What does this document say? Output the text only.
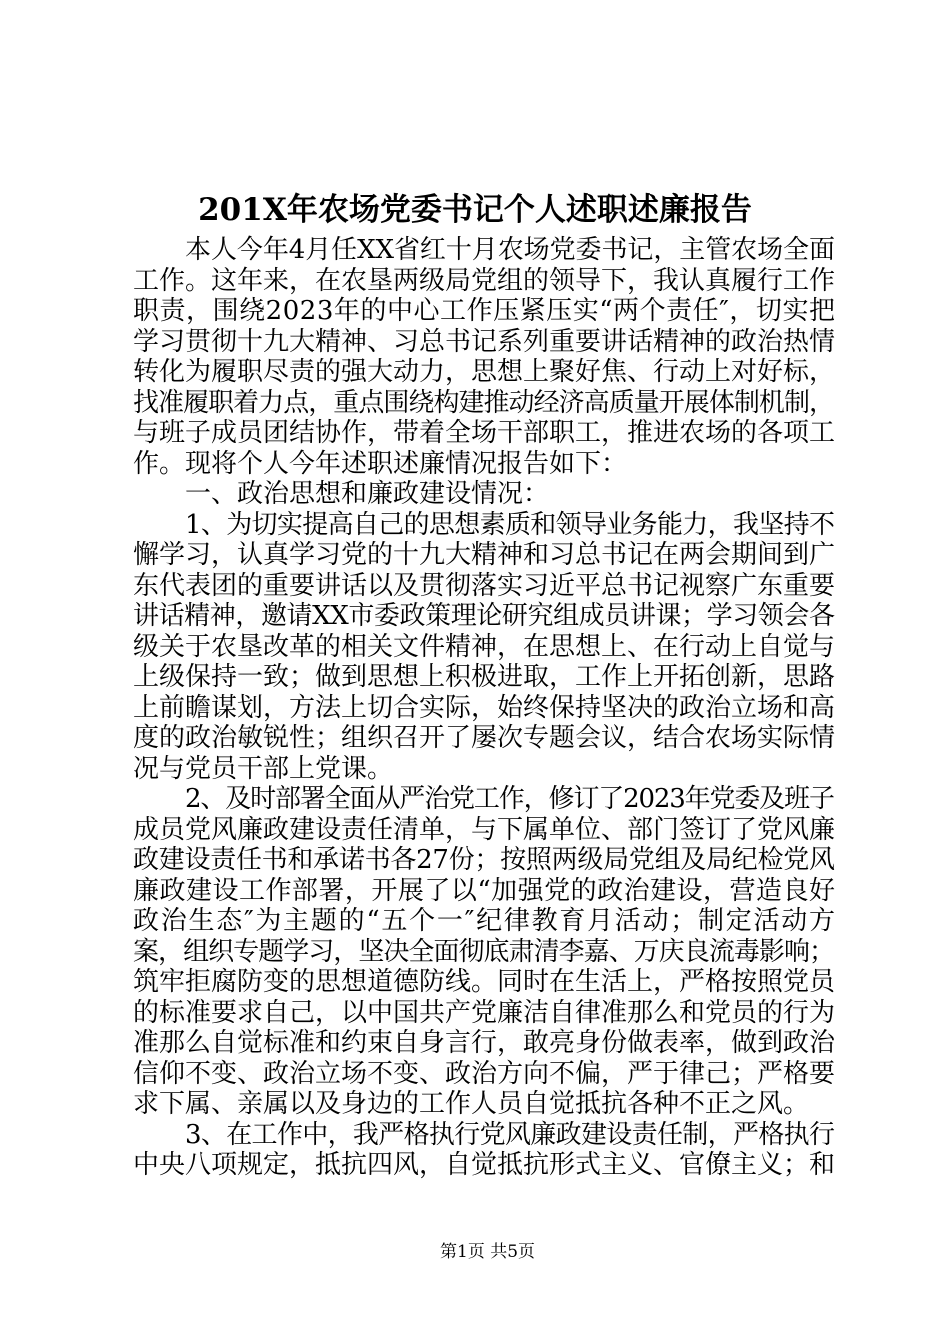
201X年农场党委书记个人述职述廉报告
本人今年4月任XX省红十月农场党委书记，主管农场全面
工作。这年来，在农垦两级局党组的领导下，我认真履行工作
职责，围绕2023年的中心工作压紧压实“两个责任″，切实把
学习贯彻十九大精神、习总书记系列重要讲话精神的政治热情
转化为履职尽责的强大动力，思想上聚好焦、行动上对好标，
找准履职着力点，重点围绕构建推动经济高质量开展体制机制，
与班子成员团结协作，带着全场干部职工，推进农场的各项工
作。现将个人今年述职述廉情况报告如下：
一、政治思想和廉政建设情况：
1、为切实提高自己的思想素质和领导业务能力，我坚持不
懈学习，认真学习党的十九大精神和习总书记在两会期间到广
东代表团的重要讲话以及贯彻落实习近平总书记视察广东重要
讲话精神，邀请XX市委政策理论研究组成员讲课；学习领会各
级关于农垦改革的相关文件精神，在思想上、在行动上自觉与
上级保持一致；做到思想上积极进取，工作上开拓创新，思路
上前瞻谋划，方法上切合实际，始终保持坚决的政治立场和高
度的政治敏锐性；组织召开了屡次专题会议，结合农场实际情
况与党员干部上党课。
2、及时部署全面从严治党工作，修订了2023年党委及班子
成员党风廉政建设责任清单，与下属单位、部门签订了党风廉
政建设责任书和承诺书各27份；按照两级局党组及局纪检党风
廉政建设工作部署，开展了以“加强党的政治建设，营造良好
政治生态″为主题的“五个一″纪律教育月活动；制定活动方
案，组织专题学习，坚决全面彻底肃清李嘉、万庆良流毒影响；
筑牢拒腐防变的思想道德防线。同时在生活上，严格按照党员
的标准要求自己，以中国共产党廉洁自律准那么和党员的行为
准那么自觉标准和约束自身言行，敢亮身份做表率，做到政治
信仰不变、政治立场不变、政治方向不偏，严于律己；严格要
求下属、亲属以及身边的工作人员自觉抵抗各种不正之风。
3、在工作中，我严格执行党风廉政建设责任制，严格执行
中央八项规定，抵抗四风，自觉抵抗形式主义、官僚主义；和
第1页 共5页
